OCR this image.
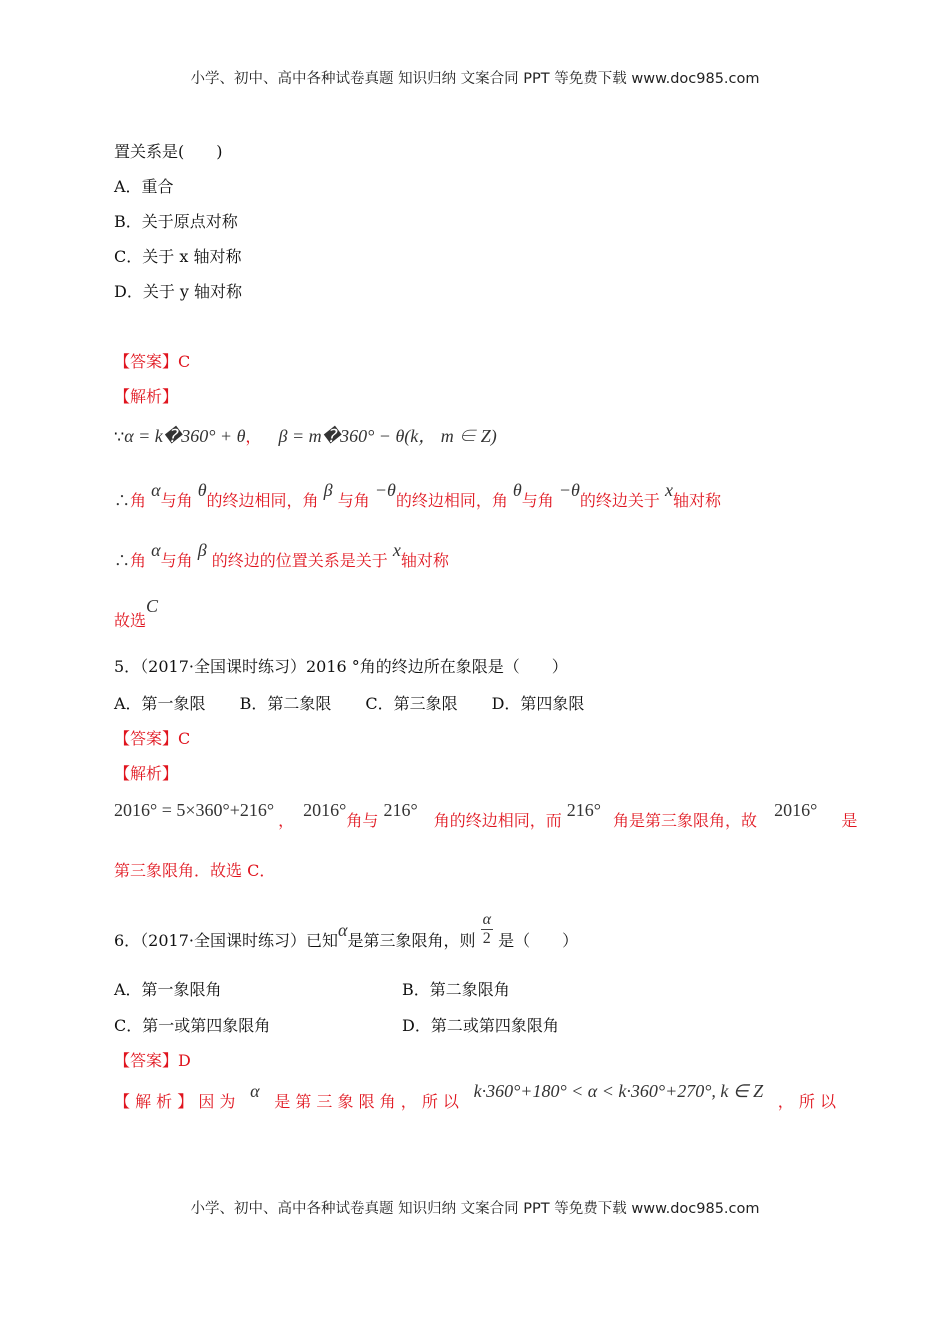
小学、初中、高中各种试卷真题 知识归纳 文案合同 PPT 等免费下载 www.doc985.com
置关系是(　　)
A．重合
B．关于原点对称
C．关于 x 轴对称
D．关于 y 轴对称
【答案】C
【解析】
∵α = k�360° + θ， β = m�360° − θ(k， m ∈ Z)
∴角 α与角 θ的终边相同，角 β 与角 −θ的终边相同，角 θ与角 −θ的终边关于 x轴对称
∴角 α与角 β 的终边的位置关系是关于 x轴对称
故选C
5．（2017·全国课时练习）2016 °角的终边所在象限是（　　）
A．第一象限 B．第二象限 C．第三象限 D．第四象限
【答案】C
【解析】
2016° = 5×360°+216°， 2016°角与 216°角的终边相同，而 216°角是第三象限角，故 2016°是
第三象限角．故选 C．
6．（2017·全国课时练习）已知α是第三象限角，则 $\frac{\alpha}{2}$ 是（　　）
A．第一象限角	B．第二象限角
C．第一或第四象限角	D．第二或第四象限角
【答案】D
【 解 析 】 因 为
α
是 第 三 象 限 角 ， 所 以
k·360°+180° < α < k·360°+270°, k ∈ Z
， 所 以
小学、初中、高中各种试卷真题 知识归纳 文案合同 PPT 等免费下载 www.doc985.com
